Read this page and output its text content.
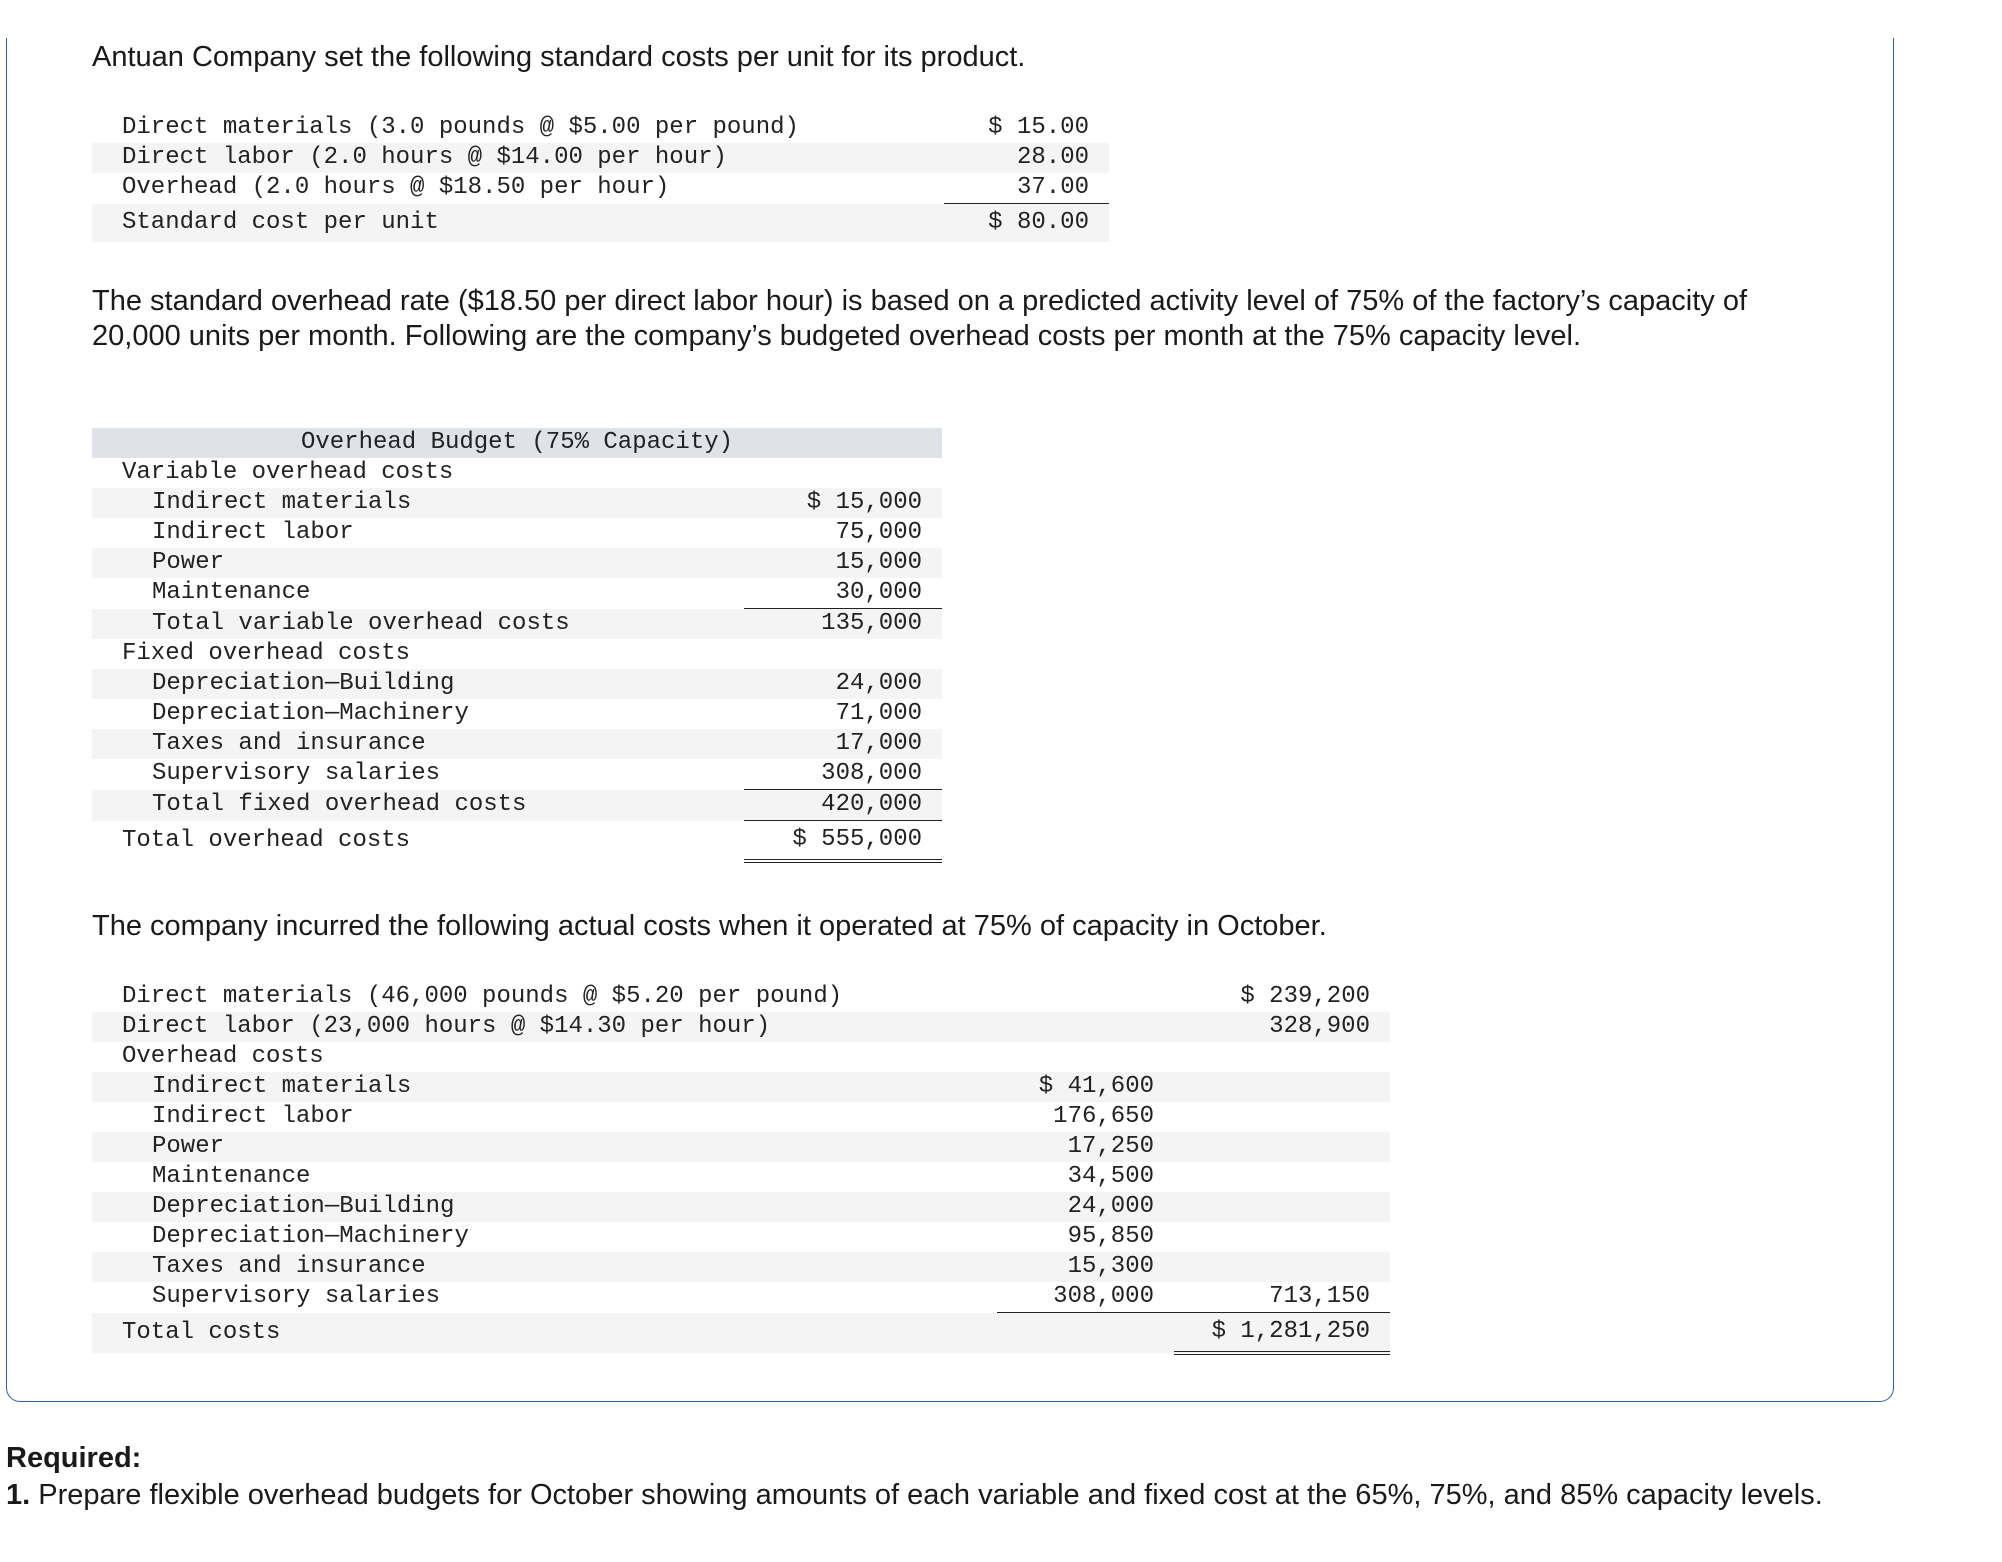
Antuan Company set the following standard costs per unit for its product.

Direct materials (3.0 pounds @ $5.00 per pound)	$ 15.00
Direct labor (2.0 hours @ $14.00 per hour)	28.00
Overhead (2.0 hours @ $18.50 per hour)	37.00
Standard cost per unit	$ 80.00

The standard overhead rate ($18.50 per direct labor hour) is based on a predicted activity level of 75% of the factory’s capacity of 20,000 units per month. Following are the company’s budgeted overhead costs per month at the 75% capacity level.

Overhead Budget (75% Capacity)	
Variable overhead costs	
Indirect materials	$ 15,000
Indirect labor	75,000
Power	15,000
Maintenance	30,000
Total variable overhead costs	135,000
Fixed overhead costs	
Depreciation—Building	24,000
Depreciation—Machinery	71,000
Taxes and insurance	17,000
Supervisory salaries	308,000
Total fixed overhead costs	420,000
Total overhead costs	$ 555,000

The company incurred the following actual costs when it operated at 75% of capacity in October.

Direct materials (46,000 pounds @ $5.20 per pound)		$ 239,200
Direct labor (23,000 hours @ $14.30 per hour)		328,900
Overhead costs		
Indirect materials	$ 41,600	
Indirect labor	176,650	
Power	17,250	
Maintenance	34,500	
Depreciation—Building	24,000	
Depreciation—Machinery	95,850	
Taxes and insurance	15,300	
Supervisory salaries	308,000	713,150
Total costs		$ 1,281,250

Required:
1. Prepare flexible overhead budgets for October showing amounts of each variable and fixed cost at the 65%, 75%, and 85% capacity levels.
